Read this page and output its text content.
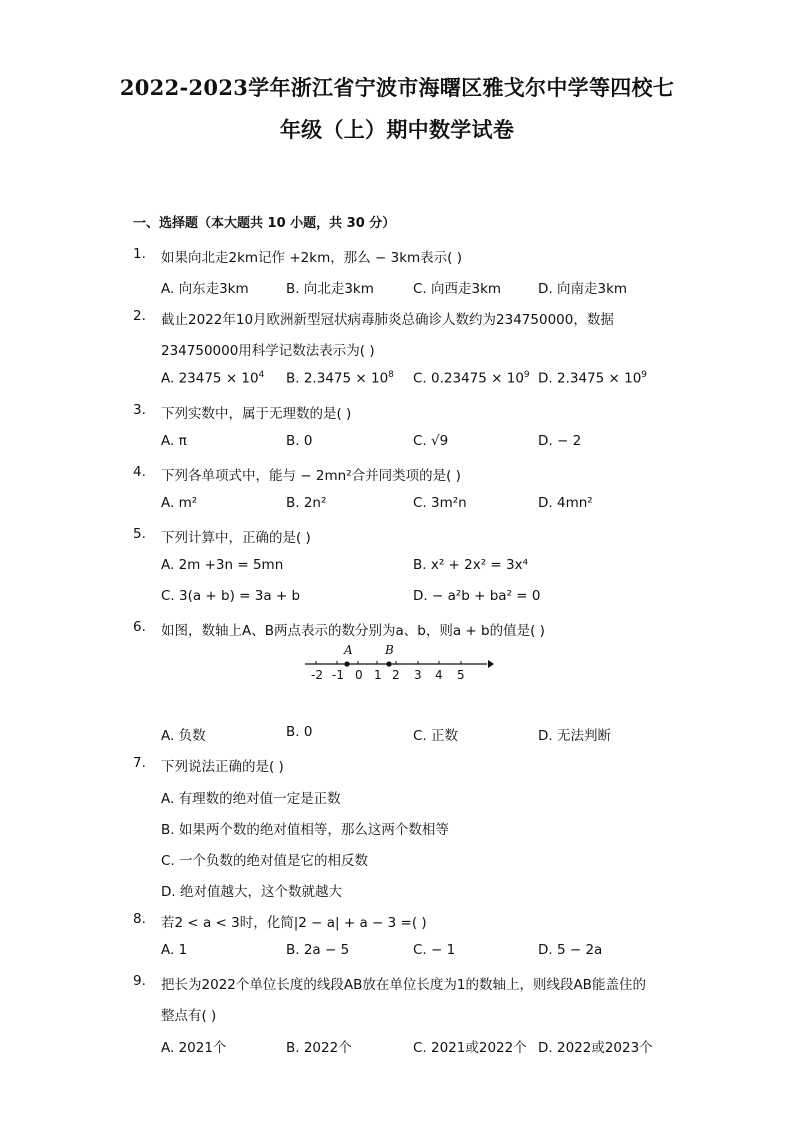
2022-2023学年浙江省宁波市海曙区雅戈尔中学等四校七
年级（上）期中数学试卷
一、选择题（本大题共 10 小题，共 30 分）
1. 如果向北走2km记作 +2km，那么 − 3km表示( )
A. 向东走3km	B. 向北走3km	C. 向西走3km	D. 向南走3km
2. 截止2022年10月欧洲新型冠状病毒肺炎总确诊人数约为234750000，数据
234750000用科学记数法表示为( )
A. $23475 \times 10^4$ B. $2.3475 \times 10^8$ C. $0.23475 \times 10^9$ D. $2.3475 \times 10^9$
3. 下列实数中，属于无理数的是( )
A. π	B. 0	C. √9	D. − 2
4. 下列各单项式中，能与 − 2mn²合并同类项的是( )
A. m²	B. 2n²	C. 3m²n	D. 4mn²
5. 下列计算中，正确的是( )
A. 2m +3n = 5mn	B. x² + 2x² = 3x⁴
C. 3(a + b) = 3a + b	D. − a²b + ba² = 0
6. 如图，数轴上A、B两点表示的数分别为a、b，则a + b的值是( )
A	B
-2 -1 0 1 2 3 4 5
A. 负数	B. 0	C. 正数	D. 无法判断
7. 下列说法正确的是( )
A. 有理数的绝对值一定是正数
B. 如果两个数的绝对值相等，那么这两个数相等
C. 一个负数的绝对值是它的相反数
D. 绝对值越大，这个数就越大
8. 若2 < a < 3时，化简|2 − a| + a − 3 =( )
A. 1	B. 2a − 5	C. − 1	D. 5 − 2a
9. 把长为2022个单位长度的线段AB放在单位长度为1的数轴上，则线段AB能盖住的
整点有( )
A. 2021个	B. 2022个	C. 2021或2022个 D. 2022或2023个
